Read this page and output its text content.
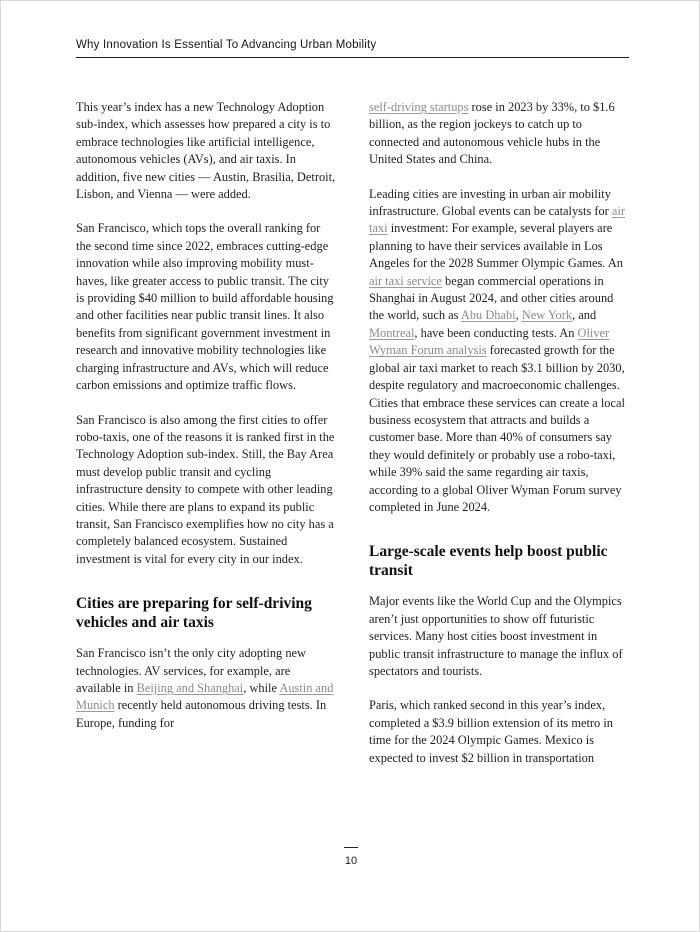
Why Innovation Is Essential To Advancing Urban Mobility

This year’s index has a new Technology Adoption sub-index, which assesses how prepared a city is to embrace technologies like artificial intelligence, autonomous vehicles (AVs), and air taxis. In addition, five new cities — Austin, Brasilia, Detroit, Lisbon, and Vienna — were added.

San Francisco, which tops the overall ranking for the second time since 2022, embraces cutting-edge innovation while also improving mobility must-haves, like greater access to public transit. The city is providing $40 million to build affordable housing and other facilities near public transit lines. It also benefits from significant government investment in research and innovative mobility technologies like charging infrastructure and AVs, which will reduce carbon emissions and optimize traffic flows.

San Francisco is also among the first cities to offer robo-taxis, one of the reasons it is ranked first in the Technology Adoption sub-index. Still, the Bay Area must develop public transit and cycling infrastructure density to compete with other leading cities. While there are plans to expand its public transit, San Francisco exemplifies how no city has a completely balanced ecosystem. Sustained investment is vital for every city in our index.

Cities are preparing for self-driving vehicles and air taxis

San Francisco isn’t the only city adopting new technologies. AV services, for example, are available in Beijing and Shanghai, while Austin and Munich recently held autonomous driving tests. In Europe, funding for

self-driving startups rose in 2023 by 33%, to $1.6 billion, as the region jockeys to catch up to connected and autonomous vehicle hubs in the United States and China.

Leading cities are investing in urban air mobility infrastructure. Global events can be catalysts for air taxi investment: For example, several players are planning to have their services available in Los Angeles for the 2028 Summer Olympic Games. An air taxi service began commercial operations in Shanghai in August 2024, and other cities around the world, such as Abu Dhabi, New York, and Montreal, have been conducting tests. An Oliver Wyman Forum analysis forecasted growth for the global air taxi market to reach $3.1 billion by 2030, despite regulatory and macroeconomic challenges. Cities that embrace these services can create a local business ecosystem that attracts and builds a customer base. More than 40% of consumers say they would definitely or probably use a robo-taxi, while 39% said the same regarding air taxis, according to a global Oliver Wyman Forum survey completed in June 2024.

Large-scale events help boost public transit

Major events like the World Cup and the Olympics aren’t just opportunities to show off futuristic services. Many host cities boost investment in public transit infrastructure to manage the influx of spectators and tourists.

Paris, which ranked second in this year’s index, completed a $3.9 billion extension of its metro in time for the 2024 Olympic Games. Mexico is expected to invest $2 billion in transportation

10
